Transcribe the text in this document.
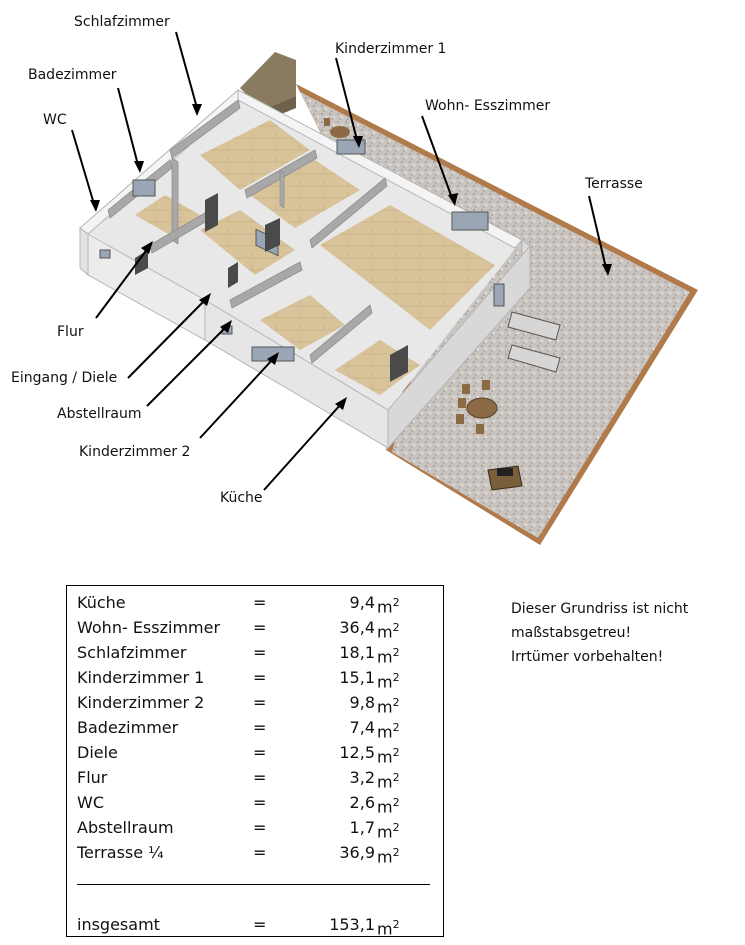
Schlafzimmer
Kinderzimmer 1
Badezimmer
Wohn- Esszimmer
WC
Terrasse
Flur
Eingang / Diele
Abstellraum
Kinderzimmer 2
Küche
Küche	=	9,4 $m^2$
Wohn- Esszimmer =	36,4 $m^2$
Schlafzimmer	=	18,1 $m^2$
Kinderzimmer 1	=	15,1 $m^2$
Kinderzimmer 2	=	9,8 $m^2$
Badezimmer	=	7,4 $m^2$
Diele	=	12,5 $m^2$
Flur	=	3,2 $m^2$
WC	=	2,6 $m^2$
Abstellraum	=	1,7 $m^2$
Terrasse ¼	=	36,9 $m^2$
insgesamt	=	153,1 $m^2$
Dieser Grundriss ist nicht
maßstabsgetreu!
Irrtümer vorbehalten!
